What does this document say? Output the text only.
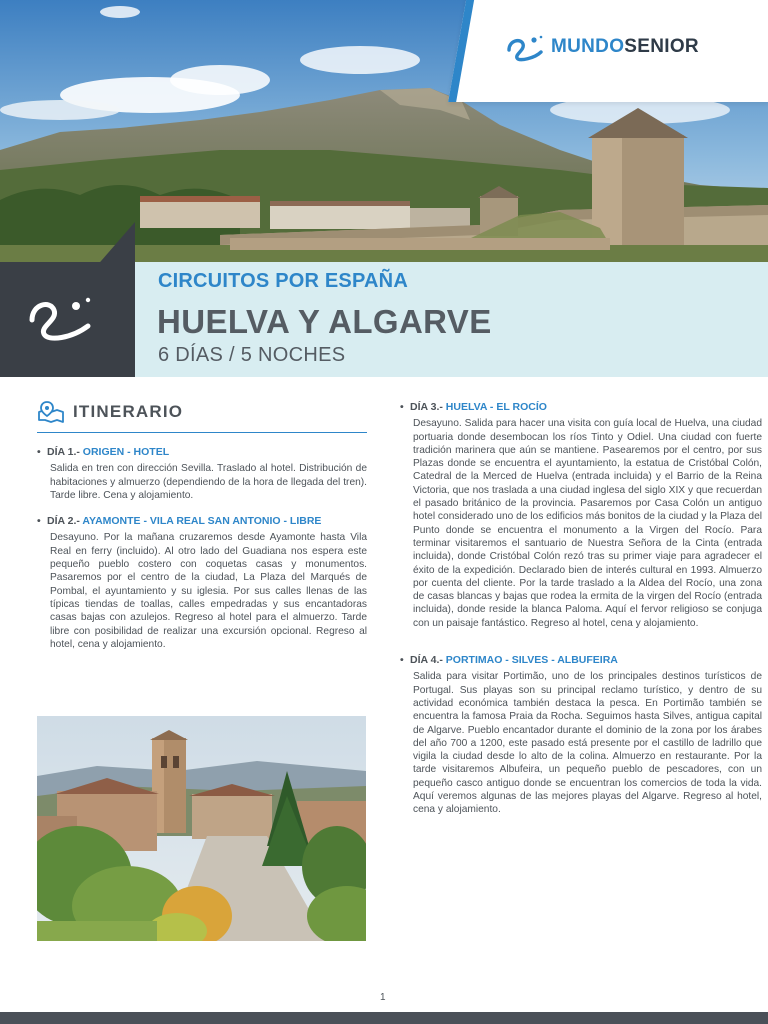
MUNDOSENIOR
CIRCUITOS POR ESPAÑA
HUELVA Y ALGARVE
6 DÍAS / 5 NOCHES
ITINERARIO
• DÍA 1.- ORIGEN - HOTEL
Salida en tren con dirección Sevilla. Traslado al hotel. Distribución de habitaciones y almuerzo (dependiendo de la hora de llegada del tren). Tarde libre. Cena y alojamiento.
• DÍA 2.- AYAMONTE - VILA REAL SAN ANTONIO - LIBRE
Desayuno. Por la mañana cruzaremos desde Ayamonte hasta Vila Real en ferry (incluido). Al otro lado del Guadiana nos espera este pequeño pueblo costero con coquetas casas y monumentos. Pasaremos por el centro de la ciudad, La Plaza del Marqués de Pombal, el ayuntamiento y su iglesia. Por sus calles llenas de las típicas tiendas de toallas, calles empedradas y sus encantadoras casas bajas con azulejos. Regreso al hotel para el almuerzo. Tarde libre con posibilidad de realizar una excursión opcional. Regreso al hotel, cena y alojamiento.
• DÍA 3.- HUELVA - EL ROCÍO
Desayuno. Salida para hacer una visita con guía local de Huelva, una ciudad portuaria donde desembocan los ríos Tinto y Odiel. Una ciudad con fuerte tradición marinera que aún se mantiene. Pasearemos por el centro, por sus Plazas donde se encuentra el ayuntamiento, la estatua de Cristóbal Colón, Catedral de la Merced de Huelva (entrada incluida) y el Barrio de la Reina Victoria, que nos traslada a una ciudad inglesa del siglo XIX y que recuerdan el pasado británico de la provincia. Pasaremos por Casa Colón un antiguo hotel considerado uno de los edificios más bonitos de la ciudad y la Plaza del Punto donde se encuentra el monumento a la Virgen del Rocío. Para terminar visitaremos el santuario de Nuestra Señora de la Cinta (entrada incluida), donde Cristóbal Colón rezó tras su primer viaje para agradecer el éxito de la expedición. Declarado bien de interés cultural en 1993. Almuerzo por cuenta del cliente. Por la tarde traslado a la Aldea del Rocío, una zona de casas blancas y bajas que rodea la ermita de la virgen del Rocío (entrada incluida), donde reside la blanca Paloma. Aquí el fervor religioso se conjuga con un paisaje fantástico. Regreso al hotel, cena y alojamiento.
• DÍA 4.- PORTIMAO - SILVES - ALBUFEIRA
Salida para visitar Portimão, uno de los principales destinos turísticos de Portugal. Sus playas son su principal reclamo turístico, y dentro de su actividad económica también destaca la pesca. En Portimão también se encuentra la famosa Praia da Rocha. Seguimos hasta Silves, antigua capital de Algarve. Pueblo encantador durante el dominio de la zona por los árabes del año 700 a 1200, este pasado está presente por el castillo de ladrillo que vigila la ciudad desde lo alto de la colina. Almuerzo en restaurante. Por la tarde visitaremos Albufeira, un pequeño pueblo de pescadores, con un pequeño casco antiguo donde se encuentran los comercios de toda la vida. Aquí veremos algunas de las mejores playas del Algarve. Regreso al hotel, cena y alojamiento.
1
